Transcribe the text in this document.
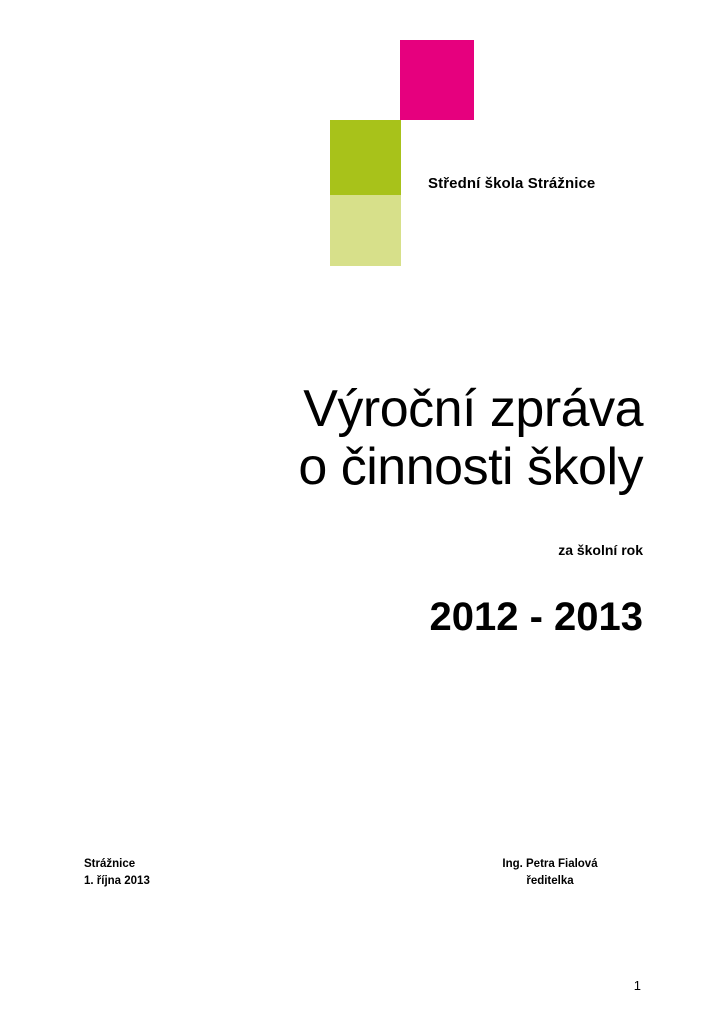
Střední škola Strážnice
Výroční zpráva
o činnosti školy
za školní rok
2012 - 2013
Strážnice
1. října 2013
Ing. Petra Fialová
ředitelka
1
